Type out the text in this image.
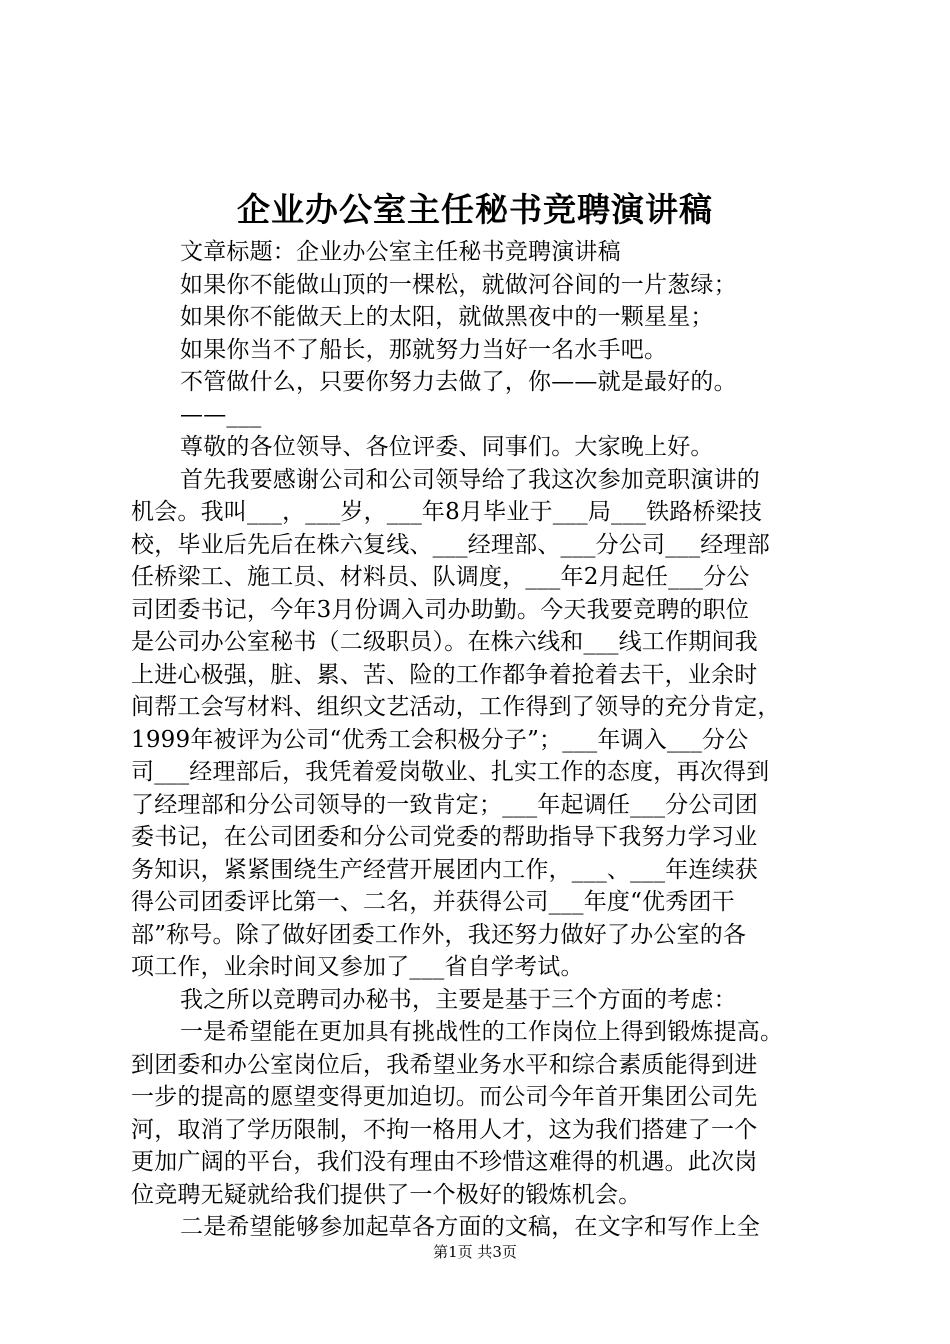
企业办公室主任秘书竞聘演讲稿
文章标题：企业办公室主任秘书竞聘演讲稿
如果你不能做山顶的一棵松，就做河谷间的一片葱绿；
如果你不能做天上的太阳，就做黑夜中的一颗星星；
如果你当不了船长，那就努力当好一名水手吧。
不管做什么，只要你努力去做了，你——就是最好的。
——___
尊敬的各位领导、各位评委、同事们。大家晚上好。
首先我要感谢公司和公司领导给了我这次参加竞职演讲的
机会。我叫___，___岁，___年8月毕业于___局___铁路桥梁技
校，毕业后先后在株六复线、___经理部、___分公司___经理部
任桥梁工、施工员、材料员、队调度，___年2月起任___分公
司团委书记，今年3月份调入司办助勤。今天我要竞聘的职位
是公司办公室秘书（二级职员）。在株六线和___线工作期间我
上进心极强，脏、累、苦、险的工作都争着抢着去干，业余时
间帮工会写材料、组织文艺活动，工作得到了领导的充分肯定，
1999年被评为公司“优秀工会积极分子”；___年调入___分公
司___经理部后，我凭着爱岗敬业、扎实工作的态度，再次得到
了经理部和分公司领导的一致肯定；___年起调任___分公司团
委书记，在公司团委和分公司党委的帮助指导下我努力学习业
务知识，紧紧围绕生产经营开展团内工作，___、___年连续获
得公司团委评比第一、二名，并获得公司___年度“优秀团干
部”称号。除了做好团委工作外，我还努力做好了办公室的各
项工作，业余时间又参加了___省自学考试。
我之所以竞聘司办秘书，主要是基于三个方面的考虑：
一是希望能在更加具有挑战性的工作岗位上得到锻炼提高。
到团委和办公室岗位后，我希望业务水平和综合素质能得到进
一步的提高的愿望变得更加迫切。而公司今年首开集团公司先
河，取消了学历限制，不拘一格用人才，这为我们搭建了一个
更加广阔的平台，我们没有理由不珍惜这难得的机遇。此次岗
位竞聘无疑就给我们提供了一个极好的锻炼机会。
二是希望能够参加起草各方面的文稿，在文字和写作上全
第1页 共3页
